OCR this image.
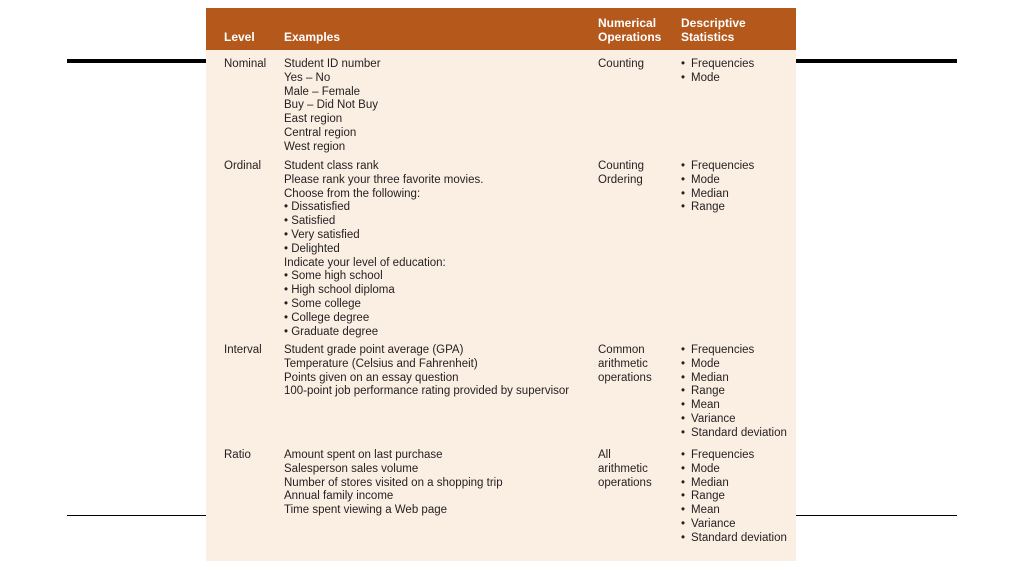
Level Examples
Numerical
Operations
Descriptive
Statistics
Nominal Student ID number
Yes – No
Male – Female
Buy – Did Not Buy
East region
Central region
West region
Counting	• Frequencies
• Mode
Ordinal Student class rank
Please rank your three favorite movies.
Choose from the following:
• Dissatisfied
• Satisfied
• Very satisfied
• Delighted
Indicate your level of education:
• Some high school
• High school diploma
• Some college
• College degree
• Graduate degree
Counting
Ordering
• Frequencies
• Mode
• Median
• Range
Interval Student grade point average (GPA)
Temperature (Celsius and Fahrenheit)
Points given on an essay question
100-point job performance rating provided by supervisor
Common
arithmetic
operations
• Frequencies
• Mode
• Median
• Range
• Mean
• Variance
• Standard deviation
Ratio	Amount spent on last purchase
Salesperson sales volume
Number of stores visited on a shopping trip
Annual family income
Time spent viewing a Web page
All
arithmetic
operations
• Frequencies
• Mode
• Median
• Range
• Mean
• Variance
• Standard deviation
